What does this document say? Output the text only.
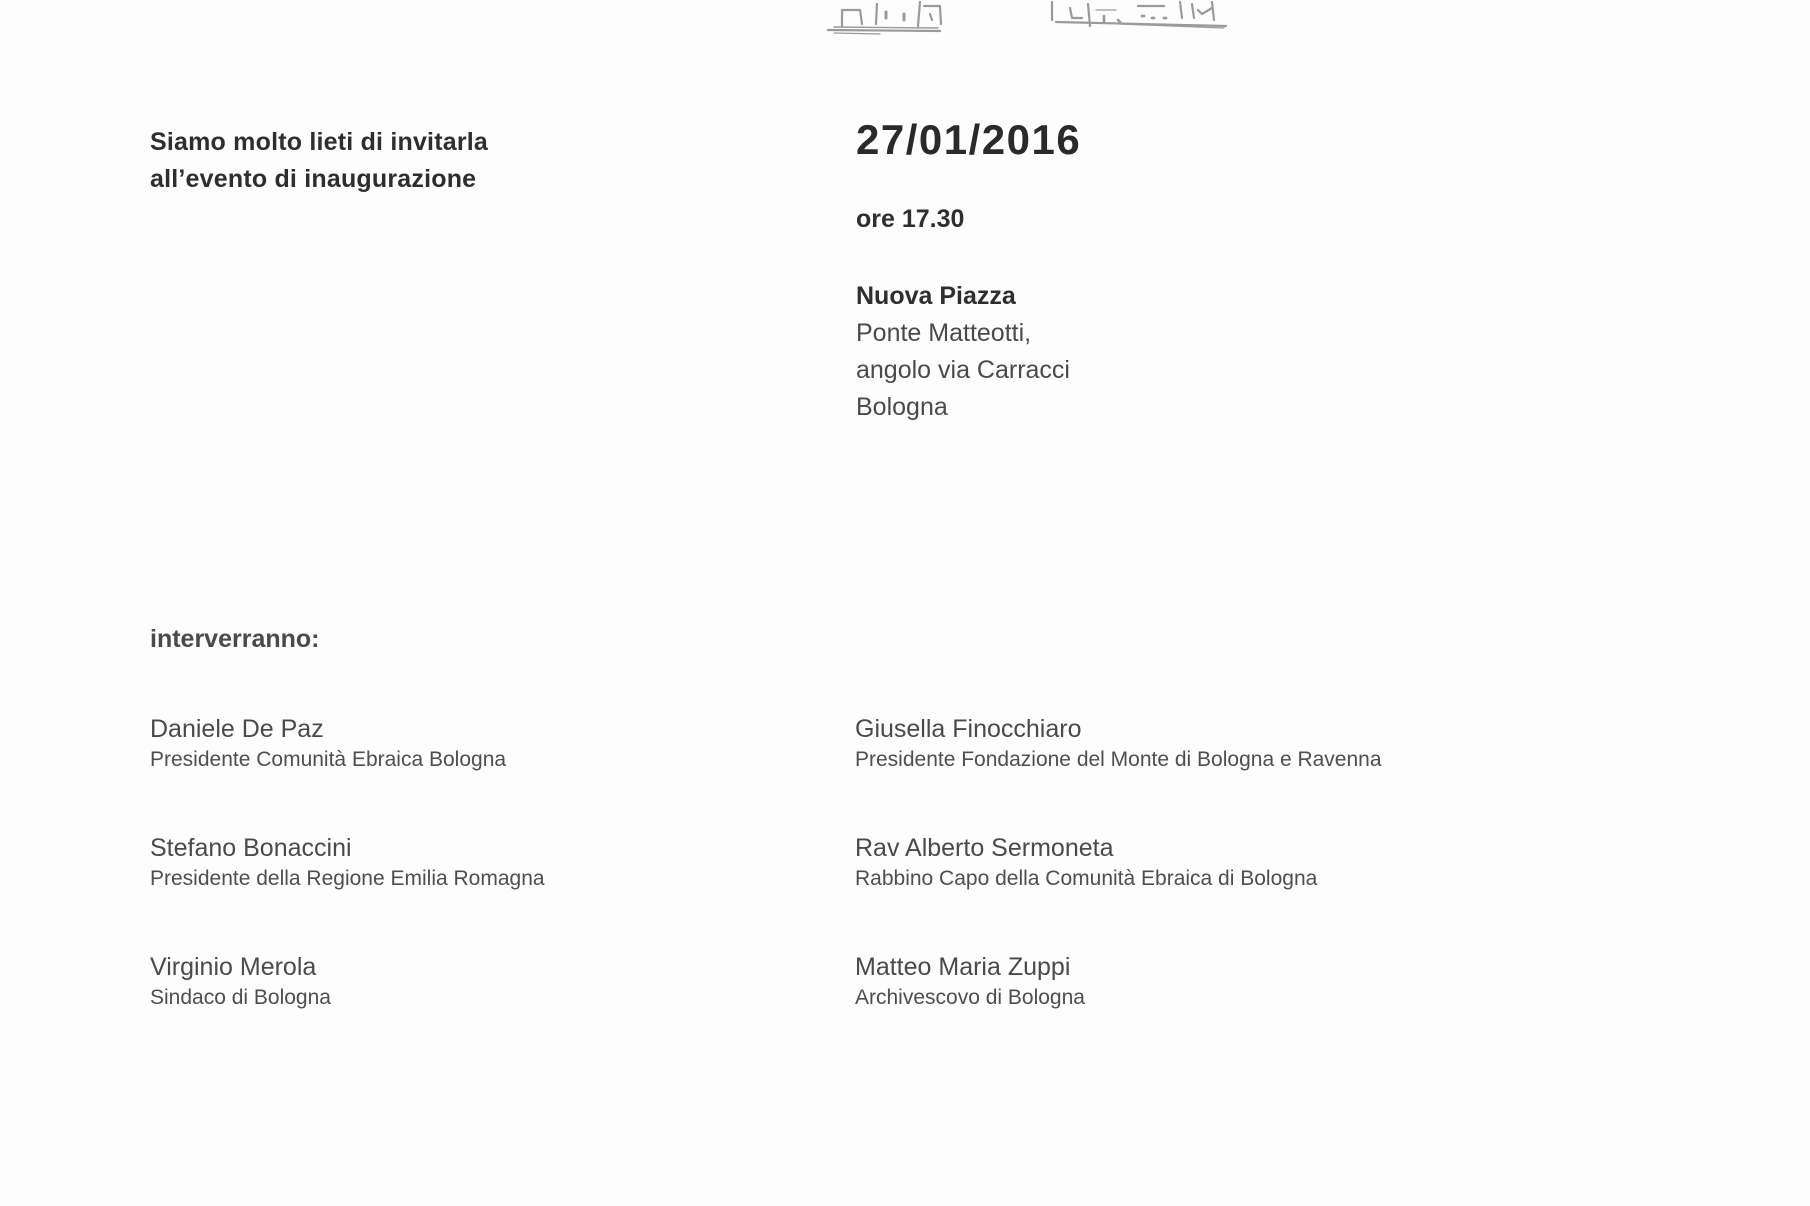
Siamo molto lieti di invitarla
all’evento di inaugurazione
27/01/2016
ore 17.30
Nuova Piazza
Ponte Matteotti,
angolo via Carracci
Bologna
interverranno:
Daniele De Paz
Presidente Comunità Ebraica Bologna
Stefano Bonaccini
Presidente della Regione Emilia Romagna
Virginio Merola
Sindaco di Bologna
Giusella Finocchiaro
Presidente Fondazione del Monte di Bologna e Ravenna
Rav Alberto Sermoneta
Rabbino Capo della Comunità Ebraica di Bologna
Matteo Maria Zuppi
Archivescovo di Bologna
